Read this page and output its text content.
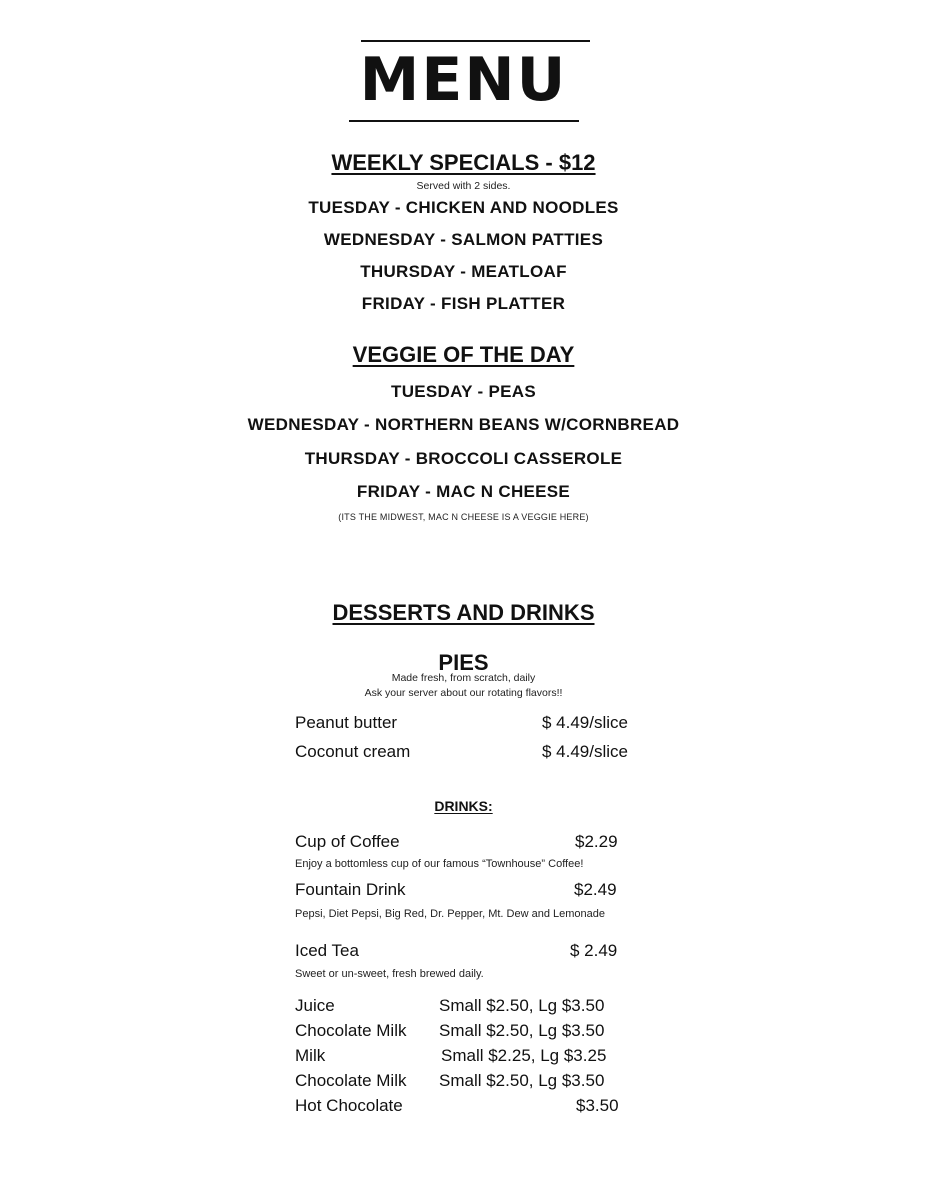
MENU
WEEKLY SPECIALS - $12
Served with 2 sides.
TUESDAY - CHICKEN AND NOODLES
WEDNESDAY - SALMON PATTIES
THURSDAY - MEATLOAF
FRIDAY - FISH PLATTER
VEGGIE OF THE DAY
TUESDAY - PEAS
WEDNESDAY - NORTHERN BEANS W/CORNBREAD
THURSDAY - BROCCOLI CASSEROLE
FRIDAY - MAC N CHEESE
(ITS THE MIDWEST, MAC N CHEESE IS A VEGGIE HERE)
DESSERTS AND DRINKS
PIES
Made fresh, from scratch, daily
Ask your server about our rotating flavors!!
Peanut butter	$ 4.49/slice
Coconut cream	$ 4.49/slice
DRINKS:
Cup of Coffee	$2.29
Enjoy a bottomless cup of our famous “Townhouse” Coffee!
Fountain Drink	$2.49
Pepsi, Diet Pepsi, Big Red, Dr. Pepper, Mt. Dew and Lemonade
Iced Tea	$ 2.49
Sweet or un-sweet, fresh brewed daily.
Juice	Small $2.50, Lg $3.50
Chocolate Milk Small $2.50, Lg $3.50
Milk	Small $2.25, Lg $3.25
Chocolate Milk Small $2.50, Lg $3.50
Hot Chocolate	$3.50
